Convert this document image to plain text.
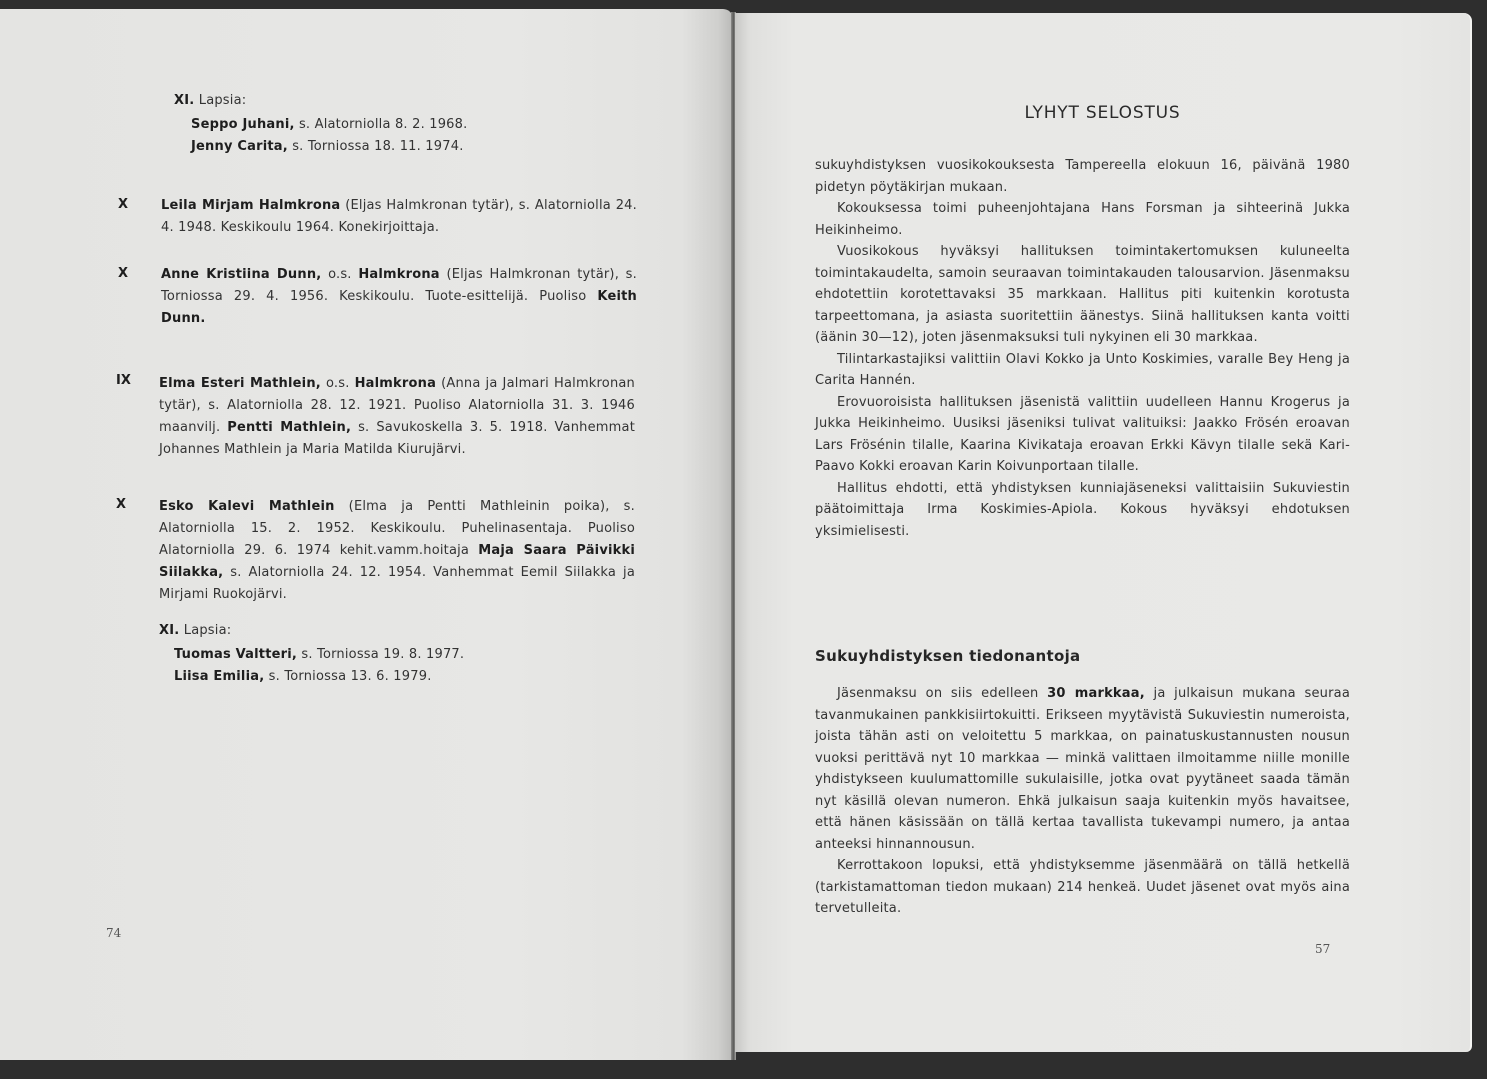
XI. Lapsia:
Seppo Juhani, s. Alatorniolla 8. 2. 1968.
Jenny Carita, s. Torniossa 18. 11. 1974.
X	Leila Mirjam Halmkrona (Eljas Halmkronan tytär), s. Alatorniolla 24. 4. 1948. Keskikoulu 1964. Konekirjoittaja.
X	Anne Kristiina Dunn, o.s. Halmkrona (Eljas Halmkronan tytär), s. Torniossa 29. 4. 1956. Keskikoulu. Tuote-esittelijä. Puoliso Keith Dunn.
IX Elma Esteri Mathlein, o.s. Halmkrona (Anna ja Jalmari Halmkronan tytär), s. Alatorniolla 28. 12. 1921. Puoliso Alatorniolla 31. 3. 1946 maanvilj. Pentti Mathlein, s. Savukoskella 3. 5. 1918. Vanhemmat Johannes Mathlein ja Maria Matilda Kiurujärvi.
X	Esko Kalevi Mathlein (Elma ja Pentti Mathleinin poika), s. Alatorniolla 15. 2. 1952. Keskikoulu. Puhelinasentaja. Puoliso Alatorniolla 29. 6. 1974 kehit.vamm.hoitaja Maja Saara Päivikki Siilakka, s. Alatorniolla 24. 12. 1954. Vanhemmat Eemil Siilakka ja Mirjami Ruokojärvi.
XI. Lapsia:
Tuomas Valtteri, s. Torniossa 19. 8. 1977.
Liisa Emilia, s. Torniossa 13. 6. 1979.
74
LYHYT SELOSTUS
sukuyhdistyksen vuosikokouksesta Tampereella elokuun 16, päivänä 1980 pidetyn pöytäkirjan mukaan.
Kokouksessa toimi puheenjohtajana Hans Forsman ja sihteerinä Jukka Heikinheimo.
Vuosikokous hyväksyi hallituksen toimintakertomuksen kuluneelta toimintakaudelta, samoin seuraavan toimintakauden talousarvion. Jäsenmaksu ehdotettiin korotettavaksi 35 markkaan. Hallitus piti kuitenkin korotusta tarpeettomana, ja asiasta suoritettiin äänestys. Siinä hallituksen kanta voitti (äänin 30—12), joten jäsenmaksuksi tuli nykyinen eli 30 markkaa.
Tilintarkastajiksi valittiin Olavi Kokko ja Unto Koskimies, varalle Bey Heng ja Carita Hannén.
Erovuoroisista hallituksen jäsenistä valittiin uudelleen Hannu Krogerus ja Jukka Heikinheimo. Uusiksi jäseniksi tulivat valituiksi: Jaakko Frösén eroavan Lars Frösénin tilalle, Kaarina Kivikataja eroavan Erkki Kävyn tilalle sekä Kari-Paavo Kokki eroavan Karin Koivunportaan tilalle.
Hallitus ehdotti, että yhdistyksen kunniajäseneksi valittaisiin Sukuviestin päätoimittaja Irma Koskimies-Apiola. Kokous hyväksyi ehdotuksen yksimielisesti.
Sukuyhdistyksen tiedonantoja
Jäsenmaksu on siis edelleen 30 markkaa, ja julkaisun mukana seuraa tavanmukainen pankkisiirtokuitti. Erikseen myytävistä Sukuviestin numeroista, joista tähän asti on veloitettu 5 markkaa, on painatuskustannusten nousun vuoksi perittävä nyt 10 markkaa — minkä valittaen ilmoitamme niille monille yhdistykseen kuulumattomille sukulaisille, jotka ovat pyytäneet saada tämän nyt käsillä olevan numeron. Ehkä julkaisun saaja kuitenkin myös havaitsee, että hänen käsissään on tällä kertaa tavallista tukevampi numero, ja antaa anteeksi hinnannousun.
Kerrottakoon lopuksi, että yhdistyksemme jäsenmäärä on tällä hetkellä (tarkistamattoman tiedon mukaan) 214 henkeä. Uudet jäsenet ovat myös aina tervetulleita.
57
